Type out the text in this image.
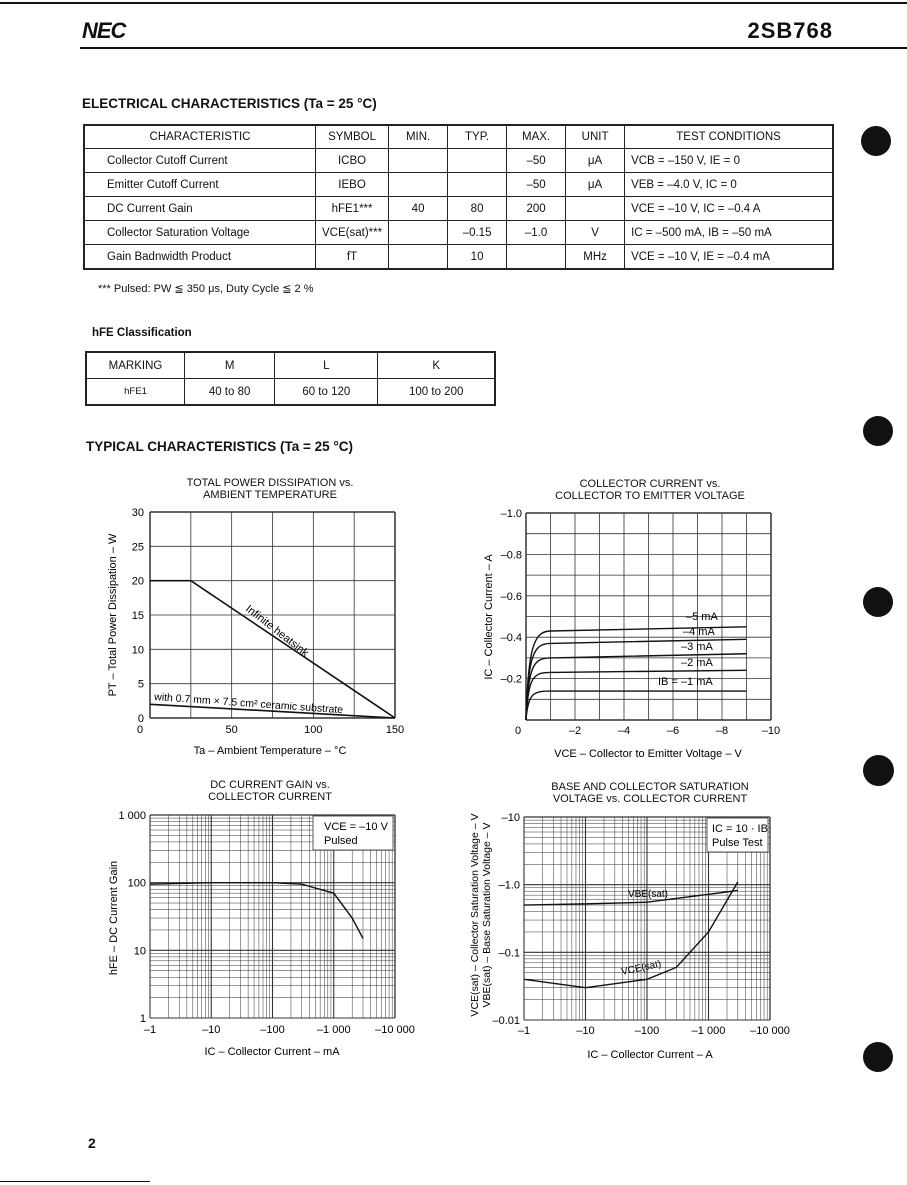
NEC	2SB768
ELECTRICAL CHARACTERISTICS (Ta = 25 °C)
CHARACTERISTIC	SYMBOL	MIN.	TYP.	MAX.	UNIT	TEST CONDITIONS
Collector Cutoff Current	ICBO			–50	μA	VCB = –150 V, IE = 0
Emitter Cutoff Current	IEBO			–50	μA	VEB = –4.0 V, IC = 0
DC Current Gain	hFE1***	40	80	200		VCE = –10 V, IC = –0.4 A
Collector Saturation Voltage	VCE(sat)***		–0.15	–1.0	V	IC = –500 mA, IB = –50 mA
Gain Badnwidth Product	fT		10		MHz	VCE = –10 V, IE = –0.4 mA
*** Pulsed: PW ≦ 350 μs, Duty Cycle ≦ 2 %
hFE Classification
MARKING	M	L	K
hFE1	40 to 80	60 to 120	100 to 200
TYPICAL CHARACTERISTICS (Ta = 25 °C)
TOTAL POWER DISSIPATION vs.
AMBIENT TEMPERATURE
COLLECTOR CURRENT vs.
COLLECTOR TO EMITTER VOLTAGE
DC CURRENT GAIN vs.
COLLECTOR CURRENT
BASE AND COLLECTOR SATURATION
VOLTAGE vs. COLLECTOR CURRENT
0	50	100	150
0
5
10
15
20
25
30
Infinite heatsink
with 0.7 mm × 7.5 cm² ceramic substrate
Ta – Ambient Temperature – °C
PT – Total Power Dissipation – W
0	–2	–4	–6	–8	–10
–0.2
–0.4
–0.6
–0.8
–1.0
–5 mA
–4 mA
–3 mA
–2 mA
IB = –1 mA
VCE – Collector to Emitter Voltage – V
IC – Collector Current – A
–1	–10	–100	–1 000 –10 000
1
10
100
1 000
VCE = –10 V
Pulsed
IC – Collector Current – mA
hFE – DC Current Gain
–1	–10	–100	–1 000 –10 000
–0.01
–0.1
–1.0
–10
IC = 10 · IB
Pulse Test
VBE(sat)
VCE(sat)
IC – Collector Current – A
VCE(sat) – Collector Saturation Voltage – V VBE(sat) – Base Saturation Voltage – V
2
